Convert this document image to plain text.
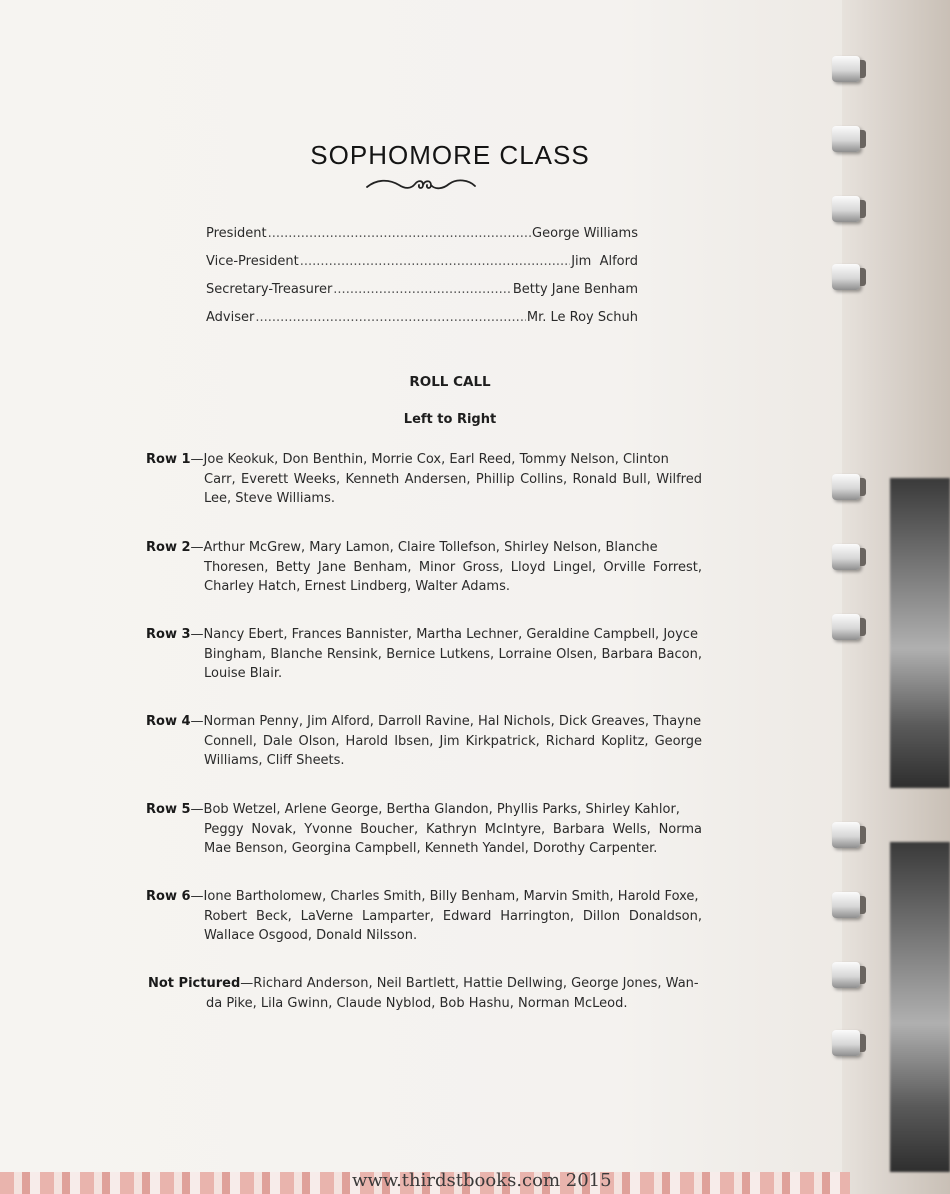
SOPHOMORE CLASS
President .....	George Williams
Vice-President .....	Jim  Alford
Secretary-Treasurer .....	Betty Jane Benham
Adviser .....	Mr. Le Roy Schuh
ROLL CALL
Left to Right
Row 1—Joe Keokuk, Don Benthin, Morrie Cox, Earl Reed, Tommy Nelson, Clinton
Carr, Everett Weeks, Kenneth Andersen, Phillip Collins, Ronald Bull, Wilfred Lee, Steve Williams.
Row 2—Arthur McGrew, Mary Lamon, Claire Tollefson, Shirley Nelson, Blanche
Thoresen, Betty Jane Benham, Minor Gross, Lloyd Lingel, Orville Forrest, Charley Hatch, Ernest Lindberg, Walter Adams.
Row 3—Nancy Ebert, Frances Bannister, Martha Lechner, Geraldine Campbell, Joyce
Bingham, Blanche Rensink, Bernice Lutkens, Lorraine Olsen, Barbara Bacon, Louise Blair.
Row 4—Norman Penny, Jim Alford, Darroll Ravine, Hal Nichols, Dick Greaves, Thayne
Connell, Dale Olson, Harold Ibsen, Jim Kirkpatrick, Richard Koplitz, George Williams, Cliff Sheets.
Row 5—Bob Wetzel, Arlene George, Bertha Glandon, Phyllis Parks, Shirley Kahlor,
Peggy Novak, Yvonne Boucher, Kathryn McIntyre, Barbara Wells, Norma Mae Benson, Georgina Campbell, Kenneth Yandel, Dorothy Carpenter.
Row 6—Ione Bartholomew, Charles Smith, Billy Benham, Marvin Smith, Harold Foxe,
Robert Beck, LaVerne Lamparter, Edward Harrington, Dillon Donaldson, Wallace Osgood, Donald Nilsson.
Not Pictured—Richard Anderson, Neil Bartlett, Hattie Dellwing, George Jones, Wan-
da Pike, Lila Gwinn, Claude Nyblod, Bob Hashu, Norman McLeod.
www.thirdstbooks.com 2015
